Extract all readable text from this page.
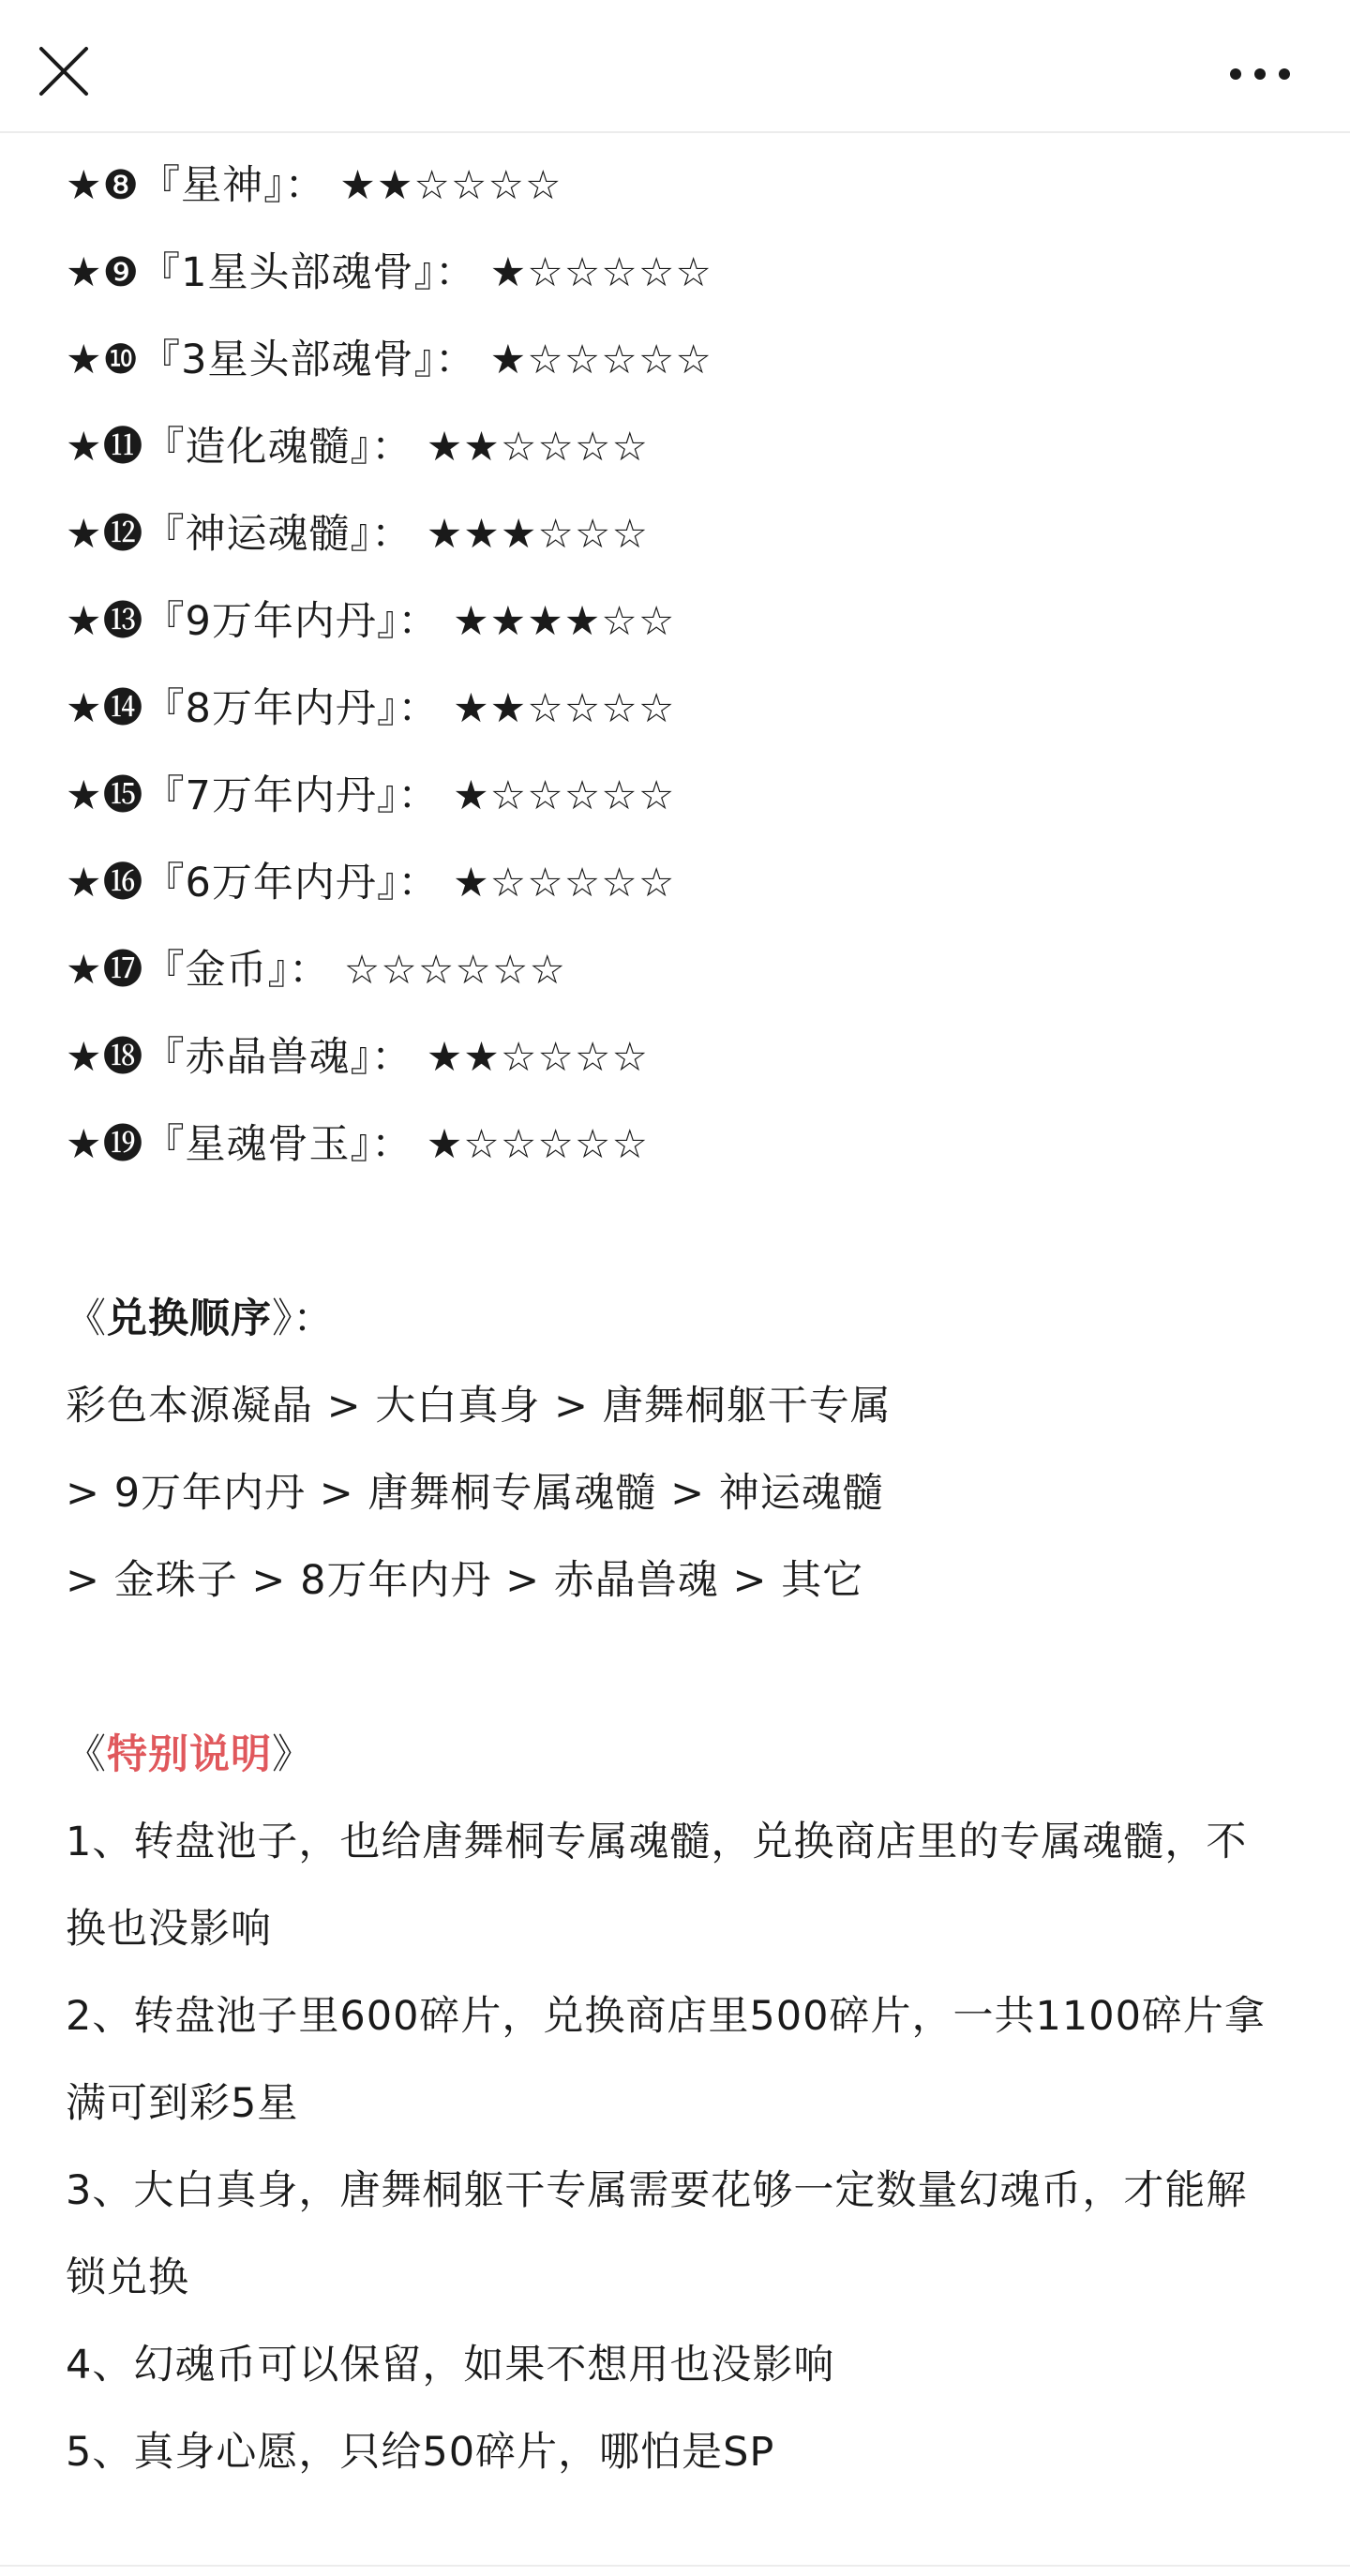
★❽『星神』： ★★☆☆☆☆
★❾『1星头部魂骨』： ★☆☆☆☆☆
★❿『3星头部魂骨』： ★☆☆☆☆☆
★⓫『造化魂髓』： ★★☆☆☆☆
★⓬『神运魂髓』： ★★★☆☆☆
★⓭『9万年内丹』： ★★★★☆☆
★⓮『8万年内丹』： ★★☆☆☆☆
★⓯『7万年内丹』： ★☆☆☆☆☆
★⓰『6万年内丹』： ★☆☆☆☆☆
★⓱『金币』： ☆☆☆☆☆☆
★⓲『赤晶兽魂』： ★★☆☆☆☆
★⓳『星魂骨玉』： ★☆☆☆☆☆
《兑换顺序》：
彩色本源凝晶 > 大白真身 > 唐舞桐躯干专属
> 9万年内丹 > 唐舞桐专属魂髓 > 神运魂髓
> 金珠子 > 8万年内丹 > 赤晶兽魂 > 其它
《特别说明》
1、转盘池子，也给唐舞桐专属魂髓，兑换商店里的专属魂髓，不换也没影响
2、转盘池子里600碎片，兑换商店里500碎片，一共1100碎片拿满可到彩5星
3、大白真身，唐舞桐躯干专属需要花够一定数量幻魂币，才能解锁兑换
4、幻魂币可以保留，如果不想用也没影响
5、真身心愿，只给50碎片，哪怕是SP
